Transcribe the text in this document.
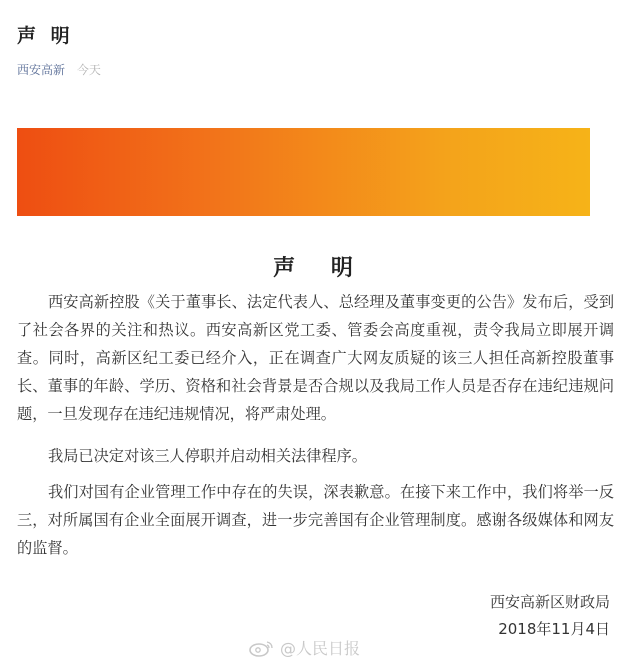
声 明
西安高新 今天
声 明

西安高新控股《关于董事长、法定代表人、总经理及董事变更的公告》发布后，受到了社会各界的关注和热议。西安高新区党工委、管委会高度重视，责令我局立即展开调查。同时，高新区纪工委已经介入，正在调查广大网友质疑的该三人担任高新控股董事长、董事的年龄、学历、资格和社会背景是否合规以及我局工作人员是否存在违纪违规问题，一旦发现存在违纪违规情况，将严肃处理。

我局已决定对该三人停职并启动相关法律程序。

我们对国有企业管理工作中存在的失误，深表歉意。在接下来工作中，我们将举一反三，对所属国有企业全面展开调查，进一步完善国有企业管理制度。感谢各级媒体和网友的监督。

西安高新区财政局
2018年11月4日
@人民日报
